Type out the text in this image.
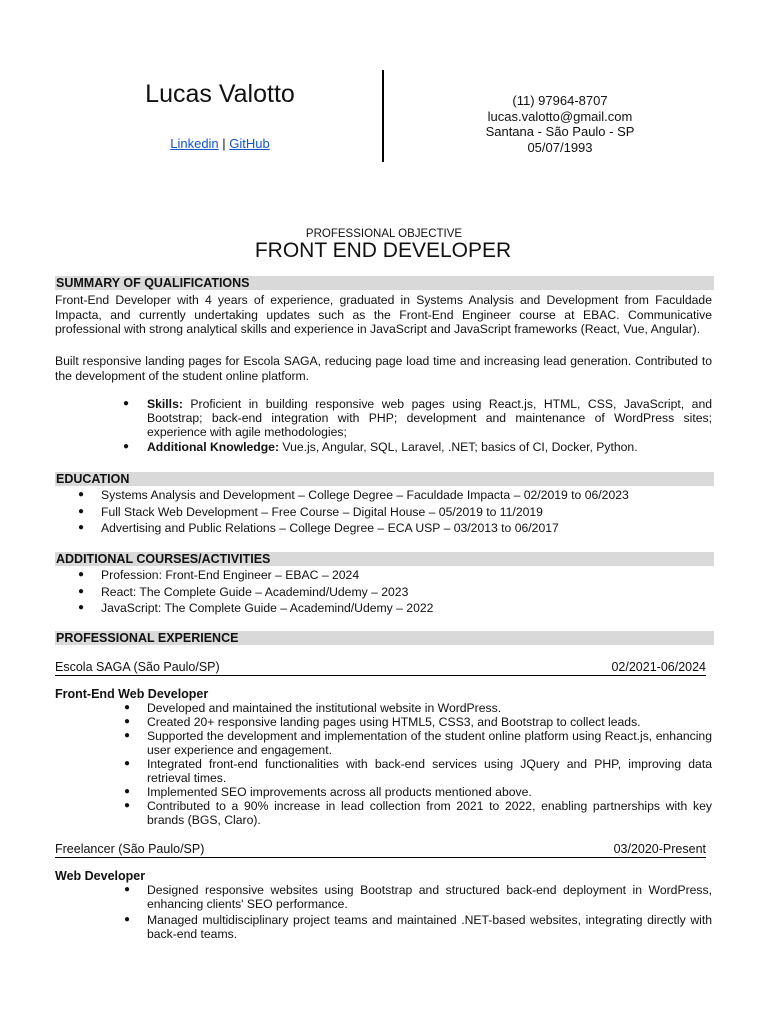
Lucas Valotto
Linkedin | GitHub
(11) 97964-8707
lucas.valotto@gmail.com
Santana - São Paulo - SP
05/07/1993
PROFESSIONAL OBJECTIVE
FRONT END DEVELOPER
SUMMARY OF QUALIFICATIONS

Front-End Developer with 4 years of experience, graduated in Systems Analysis and Development from Faculdade Impacta, and currently undertaking updates such as the Front-End Engineer course at EBAC. Communicative professional with strong analytical skills and experience in JavaScript and JavaScript frameworks (React, Vue, Angular).

Built responsive landing pages for Escola SAGA, reducing page load time and increasing lead generation. Contributed to the development of the student online platform.

● Skills: Proficient in building responsive web pages using React.js, HTML, CSS, JavaScript, and Bootstrap; back-end integration with PHP; development and maintenance of WordPress sites; experience with agile methodologies;
● Additional Knowledge: Vue.js, Angular, SQL, Laravel, .NET; basics of CI, Docker, Python.
EDUCATION
● Systems Analysis and Development – College Degree – Faculdade Impacta – 02/2019 to 06/2023
● Full Stack Web Development – Free Course – Digital House – 05/2019 to 11/2019
● Advertising and Public Relations – College Degree – ECA USP – 03/2013 to 06/2017
ADDITIONAL COURSES/ACTIVITIES
● Profession: Front-End Engineer – EBAC – 2024
● React: The Complete Guide – Academind/Udemy – 2023
● JavaScript: The Complete Guide – Academind/Udemy – 2022
PROFESSIONAL EXPERIENCE
Escola SAGA (São Paulo/SP)	02/2021-06/2024
Front-End Web Developer
● Developed and maintained the institutional website in WordPress.
● Created 20+ responsive landing pages using HTML5, CSS3, and Bootstrap to collect leads.
● Supported the development and implementation of the student online platform using React.js, enhancing user experience and engagement.
● Integrated front-end functionalities with back-end services using JQuery and PHP, improving data retrieval times.
● Implemented SEO improvements across all products mentioned above.
● Contributed to a 90% increase in lead collection from 2021 to 2022, enabling partnerships with key brands (BGS, Claro).
Freelancer (São Paulo/SP)	03/2020-Present
Web Developer
● Designed responsive websites using Bootstrap and structured back-end deployment in WordPress, enhancing clients' SEO performance.
● Managed multidisciplinary project teams and maintained .NET-based websites, integrating directly with back-end teams.
